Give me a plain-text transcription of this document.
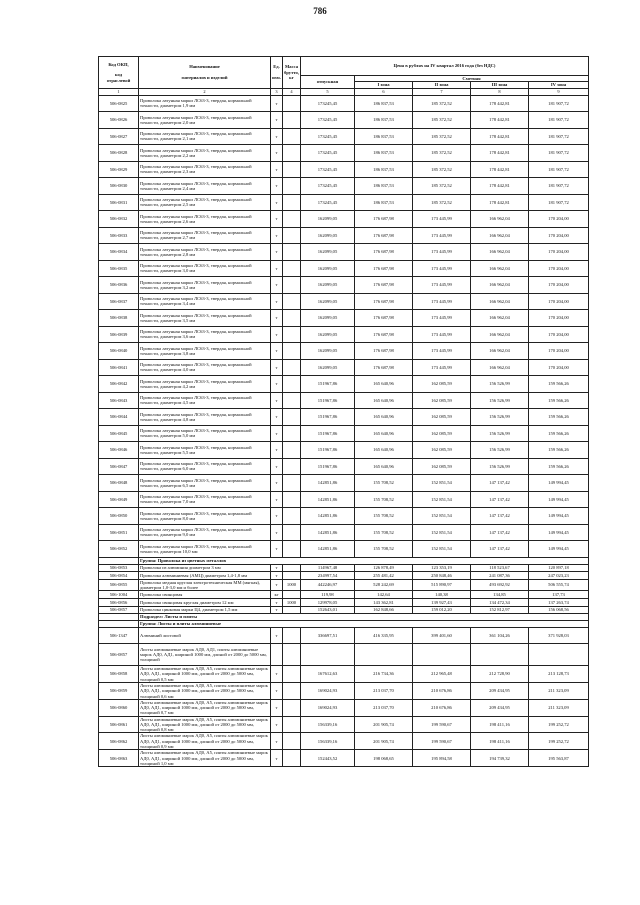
786
Код ОКП,

код
отраслевой	Наименование

материалов и изделий	Ед.

изм.	Масса
брутто,
кг	Цена в рублях на IV квартал 2016 года (без НДС)				
				отпускная	Сметная			
					I зона	II зона	III зона	IV зона
1	2	3	4	5	6	7	8	9
506-0825	Проволока латунная марки ЛС63-3, твердая, нормальной точности, диаметром 1,9 мм	т		173245,45	186 837,53	185 372,52	178 442,81	181 907,72
506-0826	Проволока латунная марки ЛС63-3, твердая, нормальной точности, диаметром 2,0 мм	т		173245,45	186 837,53	185 372,52	178 442,81	181 907,72
506-0827	Проволока латунная марки ЛС63-3, твердая, нормальной точности, диаметром 2,1 мм	т		173245,45	186 837,53	185 372,52	178 442,81	181 907,72
506-0828	Проволока латунная марки ЛС63-3, твердая, нормальной точности, диаметром 2,2 мм	т		173245,45	186 837,53	185 372,52	178 442,81	181 907,72
506-0829	Проволока латунная марки ЛС63-3, твердая, нормальной точности, диаметром 2,3 мм	т		173245,45	186 837,53	185 372,52	178 442,81	181 907,72
506-0830	Проволока латунная марки ЛС63-3, твердая, нормальной точности, диаметром 2,4 мм	т		173245,45	186 837,53	185 372,52	178 442,81	181 907,72
506-0831	Проволока латунная марки ЛС63-3, твердая, нормальной точности, диаметром 2,5 мм	т		173245,45	186 837,53	185 372,52	178 442,81	181 907,72
506-0832	Проволока латунная марки ЛС63-3, твердая, нормальной точности, диаметром 2,6 мм	т		162099,05	176 687,98	173 445,99	166 962,04	170 204,00
506-0833	Проволока латунная марки ЛС63-3, твердая, нормальной точности, диаметром 2,7 мм	т		162099,05	176 687,98	173 445,99	166 962,04	170 204,00
506-0834	Проволока латунная марки ЛС63-3, твердая, нормальной точности, диаметром 2,8 мм	т		162099,05	176 687,98	173 445,99	166 962,04	170 204,00
506-0835	Проволока латунная марки ЛС63-3, твердая, нормальной точности, диаметром 3,0 мм	т		162099,05	176 687,98	173 445,99	166 962,04	170 204,00
506-0836	Проволока латунная марки ЛС63-3, твердая, нормальной точности, диаметром 3,2 мм	т		162099,05	176 687,98	173 445,99	166 962,04	170 204,00
506-0837	Проволока латунная марки ЛС63-3, твердая, нормальной точности, диаметром 3,4 мм	т		162099,05	176 687,98	173 445,99	166 962,04	170 204,00
506-0838	Проволока латунная марки ЛС63-3, твердая, нормальной точности, диаметром 3,5 мм	т		162099,05	176 687,98	173 445,99	166 962,04	170 204,00
506-0839	Проволока латунная марки ЛС63-3, твердая, нормальной точности, диаметром 3,6 мм	т		162099,05	176 687,98	173 445,99	166 962,04	170 204,00
506-0840	Проволока латунная марки ЛС63-3, твердая, нормальной точности, диаметром 3,8 мм	т		162099,05	176 687,98	173 445,99	166 962,04	170 204,00
506-0841	Проволока латунная марки ЛС63-3, твердая, нормальной точности, диаметром 4,0 мм	т		162099,05	176 687,98	173 445,99	166 962,04	170 204,00
506-0842	Проволока латунная марки ЛС63-3, твердая, нормальной точности, диаметром 4,2 мм	т		151967,86	165 640,96	162 085,59	156 526,99	159 566,26
506-0843	Проволока латунная марки ЛС63-3, твердая, нормальной точности, диаметром 4,5 мм	т		151967,86	165 640,96	162 085,59	156 526,99	159 566,26
506-0844	Проволока латунная марки ЛС63-3, твердая, нормальной точности, диаметром 4,8 мм	т		151967,86	165 640,96	162 085,59	156 526,99	159 566,26
506-0845	Проволока латунная марки ЛС63-3, твердая, нормальной точности, диаметром 5,0 мм	т		151967,86	165 640,96	162 085,59	156 526,99	159 566,26
506-0846	Проволока латунная марки ЛС63-3, твердая, нормальной точности, диаметром 5,5 мм	т		151967,86	165 640,96	162 085,59	156 526,99	159 566,26
506-0847	Проволока латунная марки ЛС63-3, твердая, нормальной точности, диаметром 6,0 мм	т		151967,86	165 640,96	162 085,59	156 526,99	159 566,26
506-0848	Проволока латунная марки ЛС63-3, твердая, нормальной точности, диаметром 6,5 мм	т		142851,86	155 708,52	152 851,54	147 137,42	149 994,45
506-0849	Проволока латунная марки ЛС63-3, твердая, нормальной точности, диаметром 7,0 мм	т		142851,86	155 708,52	152 851,54	147 137,42	149 994,45
506-0850	Проволока латунная марки ЛС63-3, твердая, нормальной точности, диаметром 8,0 мм	т		142851,86	155 708,52	152 851,54	147 137,42	149 994,45
506-0851	Проволока латунная марки ЛС63-3, твердая, нормальной точности, диаметром 9,0 мм	т		142851,86	155 708,52	152 851,54	147 137,42	149 994,45
506-0852	Проволока латунная марки ЛС63-3, твердая, нормальной точности, диаметром 10,0 мм	т		142851,86	155 708,52	152 851,54	147 137,42	149 994,45
	Группа: Проволока из цветных металлов							
506-0853	Проволока из алюминия диаметром 3 мм	т		114967,48	126 878,49	123 353,19	118 523,67	120 897,18
506-0854	Проволока алюминиевая (АМЦ) диаметром 1,4-1,8 мм	т		234997,54	255 481,42	250 848,46	241 087,36	247 023,23
506-0855	Проволока медная круглая электротехническая ММ (мягкая), диаметром 1,0-3,0 мм и более	т	1000	442246,97	528 242,69	515 890,97	493 692,92	506 555,74
506-1004	Проволока свинцовая	кг		119,98	142,64	140,38	134,85	137,73
506-0856	Проволока свинцовая круглая диаметром 12 мм	т	1000	129978,05	143 362,81	139 927,43	134 472,34	137 263,74
506-0857	Проволока цинковая марки Ц4, диаметром 1,5 мм	т		152643,01	162 848,66	159 012,20	152 812,97	156 068,56
	Подраздел: Листы и плиты							
	Группа: Листы и плиты алюминиевые							
506-1347	Алюминий листовой	т		336697,51	416 335,95	399 401,60	361 104,26	371 928,03
506-0857	Листы алюминиевые марок АД0, АД1, плиты алюминиевые марок АД0, АД1, шириной 1000 мм, длиной от 2000 до 5000 мм, толщиной							
506-0858	Листы алюминиевые марок АД0, А5, плиты алюминиевые марок АД0, АД1, шириной 1000 мм, длиной от 2000 до 5000 мм, толщиной 0,5 мм	т		167612,63	216 734,36	212 965,48	212 728,90	213 128,73
506-0859	Листы алюминиевые марок АД0, А5, плиты алюминиевые марок АД0, АД1, шириной 1000 мм, длиной от 2000 до 5000 мм, толщиной 0,6 мм	т		169024,93	213 037,70	210 676,86	209 434,95	211 323,09
506-0860	Листы алюминиевые марок АД0, А5, плиты алюминиевые марок АД0, АД1, шириной 1000 мм, длиной от 2000 до 5000 мм, толщиной 0,7 мм	т		169024,93	213 037,70	210 676,86	209 434,95	211 323,09
506-0861	Листы алюминиевые марок АД0, А5, плиты алюминиевые марок АД0, АД1, шириной 1000 мм, длиной от 2000 до 5000 мм, толщиной 0,8 мм	т		156339,16	201 905,74	199 590,67	198 411,16	199 252,72
506-0862	Листы алюминиевые марок АД0, А5, плиты алюминиевые марок АД0, АД1, шириной 1000 мм, длиной от 2000 до 5000 мм, толщиной 0,9 мм	т		156339,16	201 905,74	199 590,67	198 411,16	199 252,72
506-0863	Листы алюминиевые марок АД0, А5, плиты алюминиевые марок АД0, АД1, шириной 1000 мм, длиной от 2000 до 5000 мм, толщиной 1,0 мм	т		152443,52	198 068,65	195 894,58	194 739,32	195 563,87
